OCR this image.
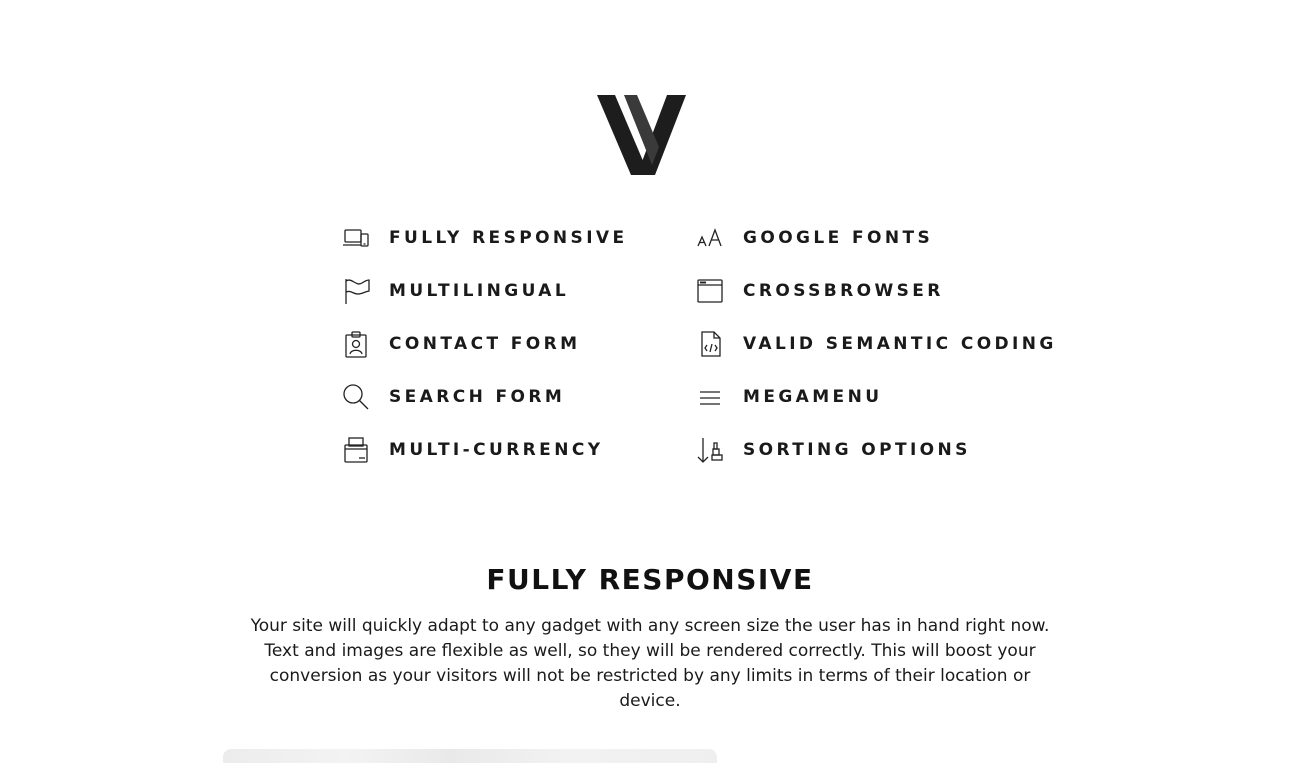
FULLY RESPONSIVE
MULTILINGUAL
CONTACT FORM
SEARCH FORM
MULTI-CURRENCY
GOOGLE FONTS
CROSSBROWSER
VALID SEMANTIC CODING
MEGAMENU
SORTING OPTIONS
FULLY RESPONSIVE
Your site will quickly adapt to any gadget with any screen size the user has in hand right now. Text and images are flexible as well, so they will be rendered correctly. This will boost your conversion as your visitors will not be restricted by any limits in terms of their location or device.
